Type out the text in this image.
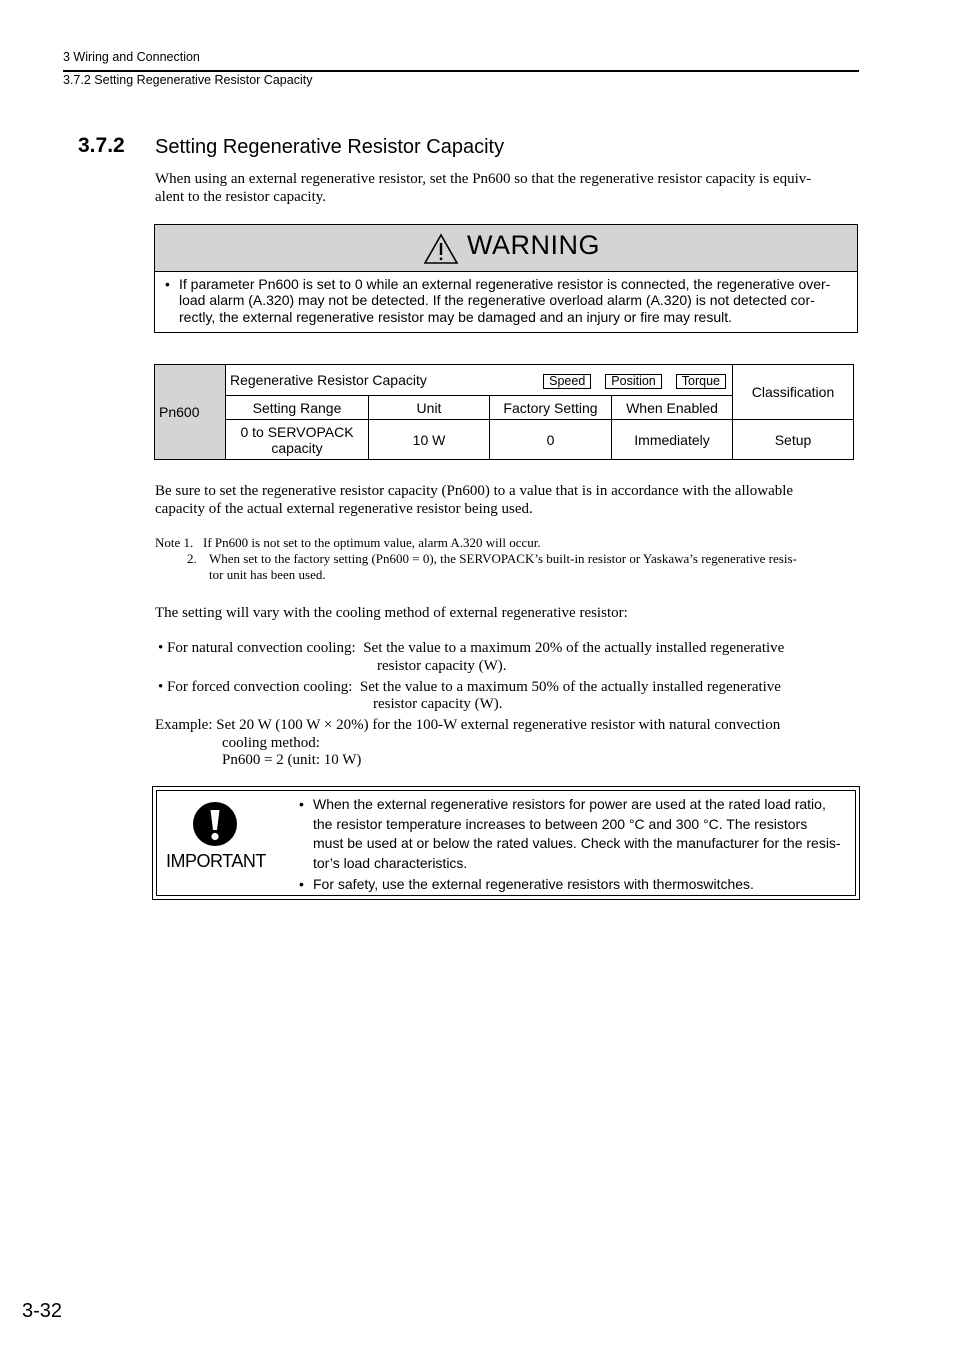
3 Wiring and Connection
3.7.2 Setting Regenerative Resistor Capacity
3.7.2 Setting Regenerative Resistor Capacity
When using an external regenerative resistor, set the Pn600 so that the regenerative resistor capacity is equiv-
alent to the resistor capacity.
WARNING
• If parameter Pn600 is set to 0 while an external regenerative resistor is connected, the regenerative over-
load alarm (A.320) may not be detected. If the regenerative overload alarm (A.320) is not detected cor-
rectly, the external regenerative resistor may be damaged and an injury or fire may result.
Pn600	Regenerative Resistor Capacity		Speed Position Torque		Classification
	Setting Range	Unit	Factory Setting	When Enabled	

	0 to SERVOPACK
capacity	10 W	0	Immediately	Setup
Be sure to set the regenerative resistor capacity (Pn600) to a value that is in accordance with the allowable
capacity of the actual external regenerative resistor being used.
Note 1.   If Pn600 is not set to the optimum value, alarm A.320 will occur.
2. When set to the factory setting (Pn600 = 0), the SERVOPACK’s built-in resistor or Yaskawa’s regenerative resis-
tor unit has been used.
The setting will vary with the cooling method of external regenerative resistor:
• For natural convection cooling:  Set the value to a maximum 20% of the actually installed regenerative
resistor capacity (W).
• For forced convection cooling:  Set the value to a maximum 50% of the actually installed regenerative
resistor capacity (W).
Example: Set 20 W (100 W × 20%) for the 100-W external regenerative resistor with natural convection
cooling method:
Pn600 = 2 (unit: 10 W)
IMPORTANT
• When the external regenerative resistors for power are used at the rated load ratio,
the resistor temperature increases to between 200 °C and 300 °C. The resistors
must be used at or below the rated values. Check with the manufacturer for the resis-
tor’s load characteristics.
• For safety, use the external regenerative resistors with thermoswitches.
3-32
